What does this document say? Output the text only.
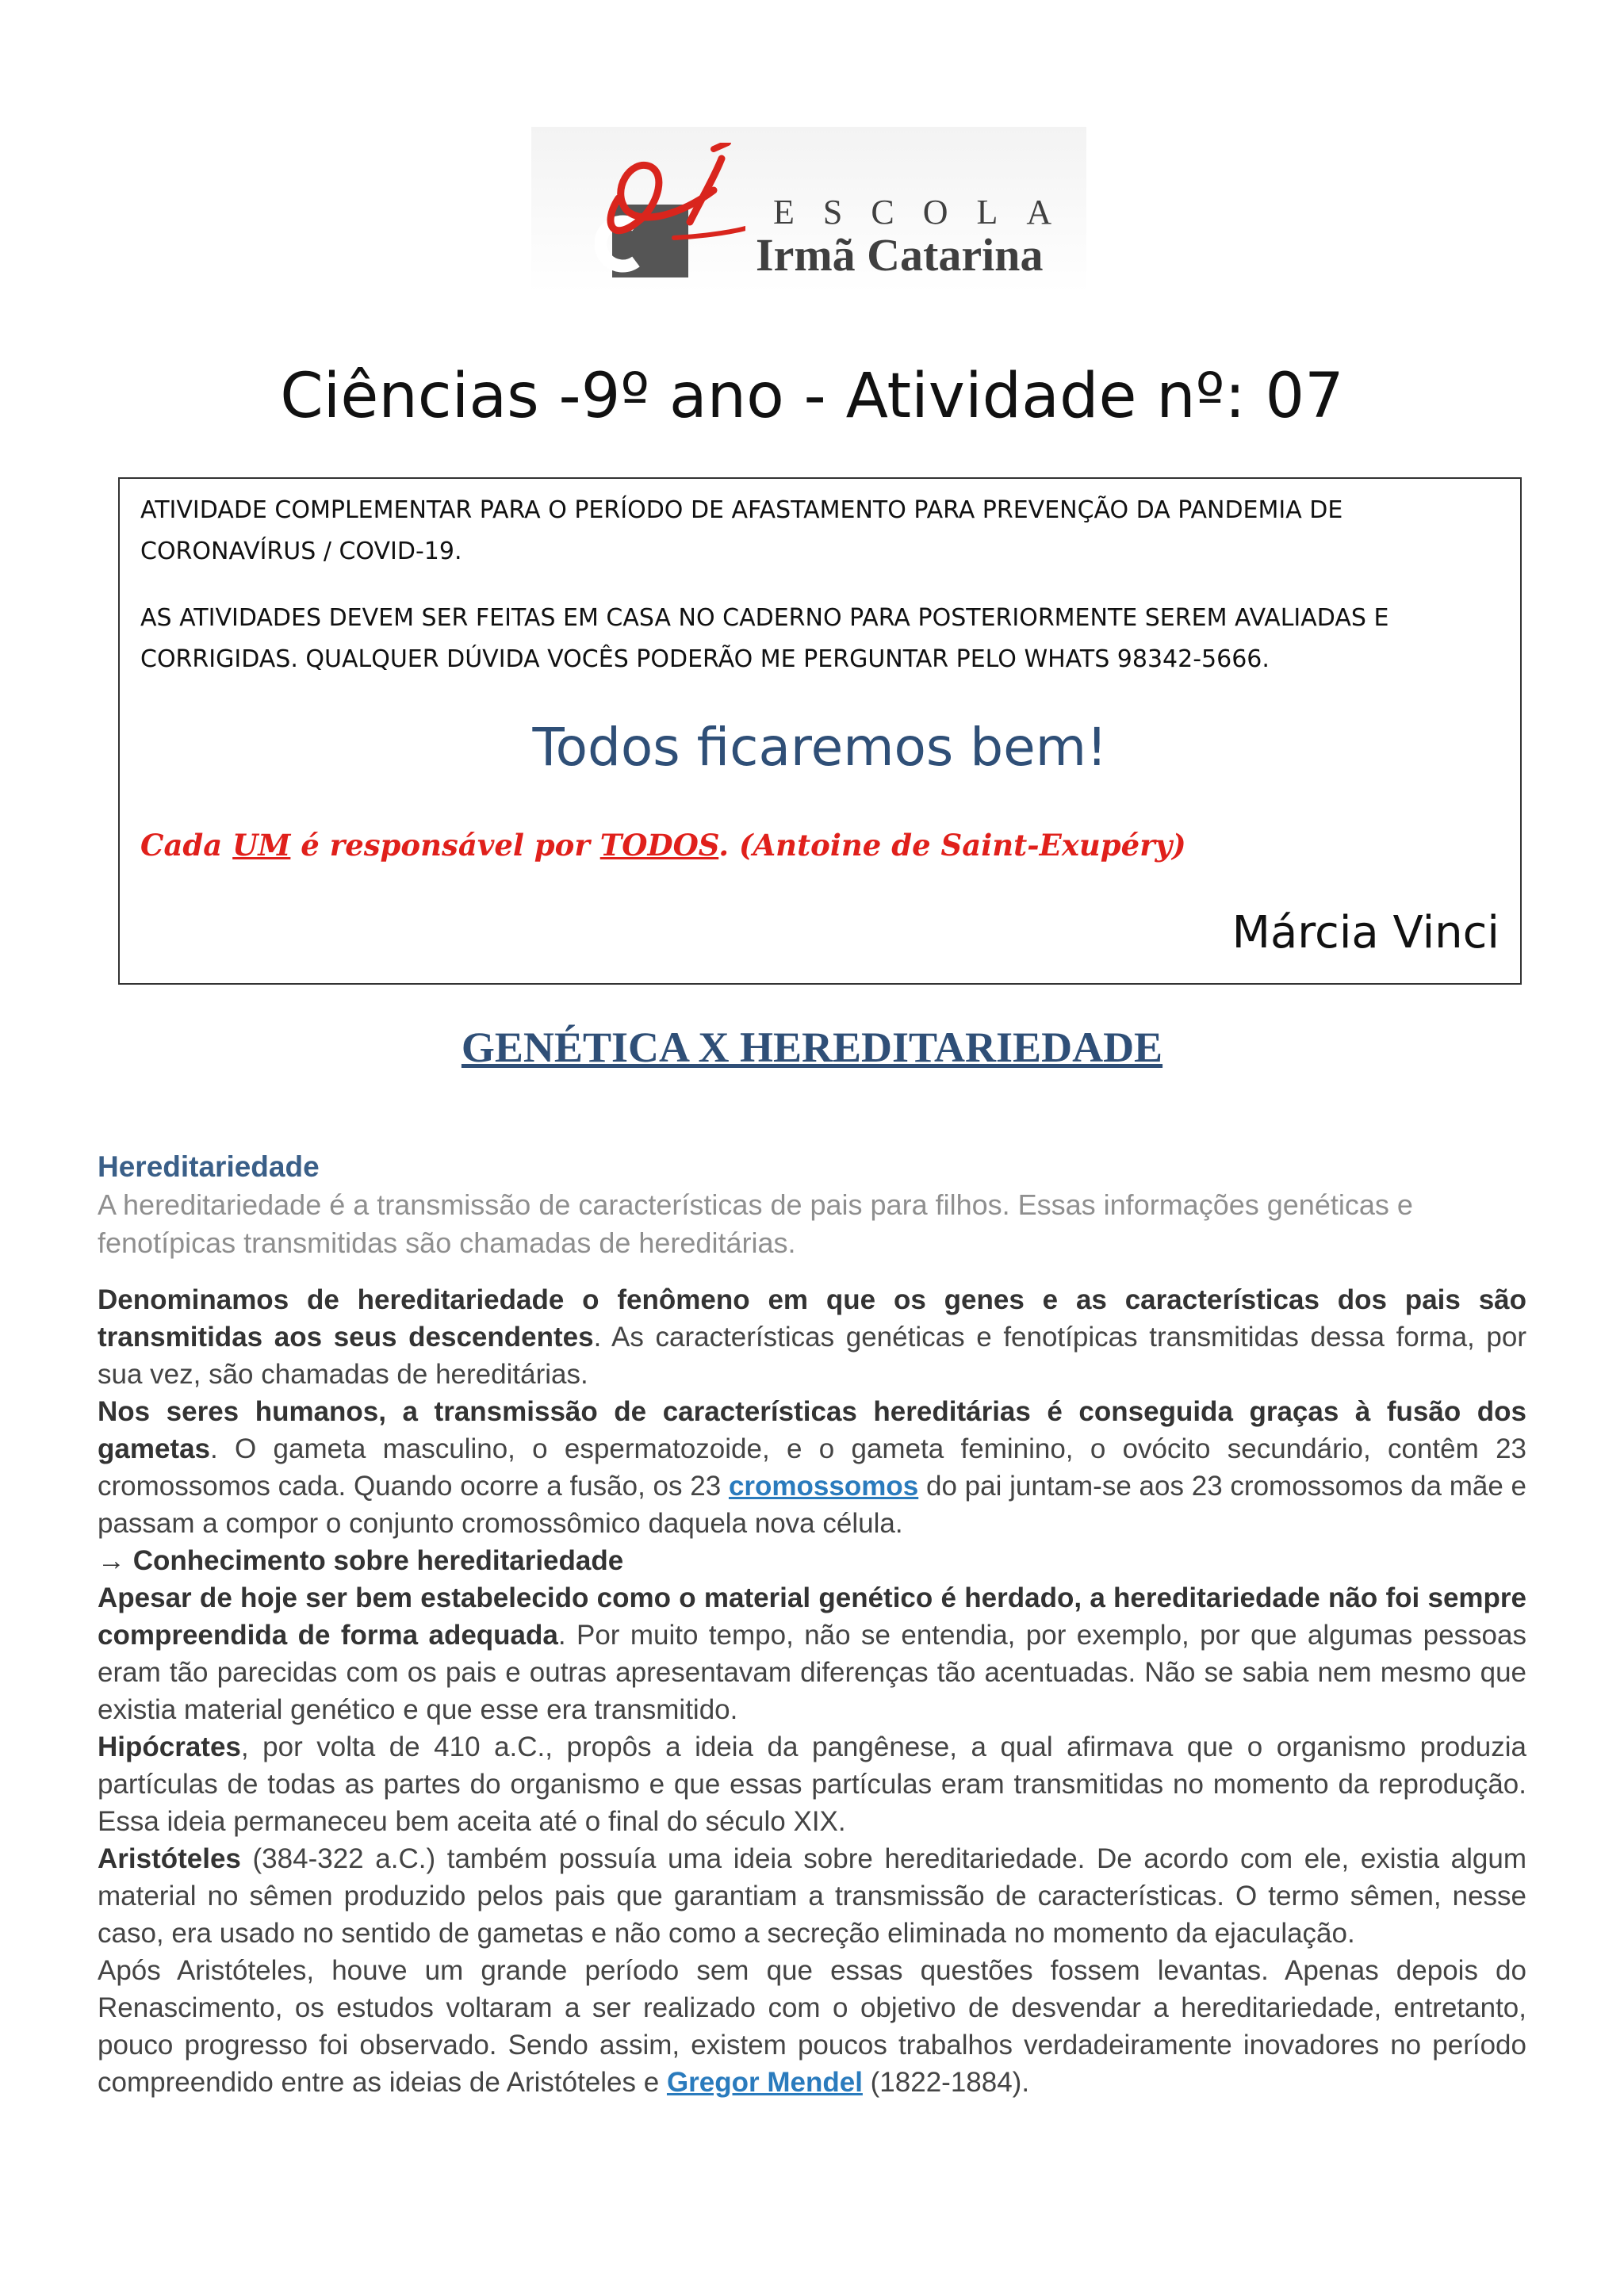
ESCOLA
Irmã Catarina
Ciências -9º ano - Atividade nº: 07

ATIVIDADE COMPLEMENTAR PARA O PERÍODO DE AFASTAMENTO PARA PREVENÇÃO DA PANDEMIA DE CORONAVÍRUS / COVID-19.

AS ATIVIDADES DEVEM SER FEITAS EM CASA NO CADERNO PARA POSTERIORMENTE SEREM AVALIADAS E CORRIGIDAS. QUALQUER DÚVIDA VOCÊS PODERÃO ME PERGUNTAR PELO WHATS 98342-5666.

Todos ficaremos bem!

Cada UM é responsável por TODOS. (Antoine de Saint-Exupéry)

Márcia Vinci
GENÉTICA X HEREDITARIEDADE

Hereditariedade

A hereditariedade é a transmissão de características de pais para filhos. Essas informações genéticas e fenotípicas transmitidas são chamadas de hereditárias.

Denominamos de hereditariedade o fenômeno em que os genes e as características dos pais são transmitidas aos seus descendentes. As características genéticas e fenotípicas transmitidas dessa forma, por sua vez, são chamadas de hereditárias.

Nos seres humanos, a transmissão de características hereditárias é conseguida graças à fusão dos gametas. O gameta masculino, o espermatozoide, e o gameta feminino, o ovócito secundário, contêm 23 cromossomos cada. Quando ocorre a fusão, os 23 cromossomos do pai juntam-se aos 23 cromossomos da mãe e passam a compor o conjunto cromossômico daquela nova célula.

→ Conhecimento sobre hereditariedade

Apesar de hoje ser bem estabelecido como o material genético é herdado, a hereditariedade não foi sempre compreendida de forma adequada. Por muito tempo, não se entendia, por exemplo, por que algumas pessoas eram tão parecidas com os pais e outras apresentavam diferenças tão acentuadas. Não se sabia nem mesmo que existia material genético e que esse era transmitido.

Hipócrates, por volta de 410 a.C., propôs a ideia da pangênese, a qual afirmava que o organismo produzia partículas de todas as partes do organismo e que essas partículas eram transmitidas no momento da reprodução. Essa ideia permaneceu bem aceita até o final do século XIX.

Aristóteles (384-322 a.C.) também possuía uma ideia sobre hereditariedade. De acordo com ele, existia algum material no sêmen produzido pelos pais que garantiam a transmissão de características. O termo sêmen, nesse caso, era usado no sentido de gametas e não como a secreção eliminada no momento da ejaculação.

Após Aristóteles, houve um grande período sem que essas questões fossem levantas. Apenas depois do Renascimento, os estudos voltaram a ser realizado com o objetivo de desvendar a hereditariedade, entretanto, pouco progresso foi observado. Sendo assim, existem poucos trabalhos verdadeiramente inovadores no período compreendido entre as ideias de Aristóteles e Gregor Mendel (1822-1884).
